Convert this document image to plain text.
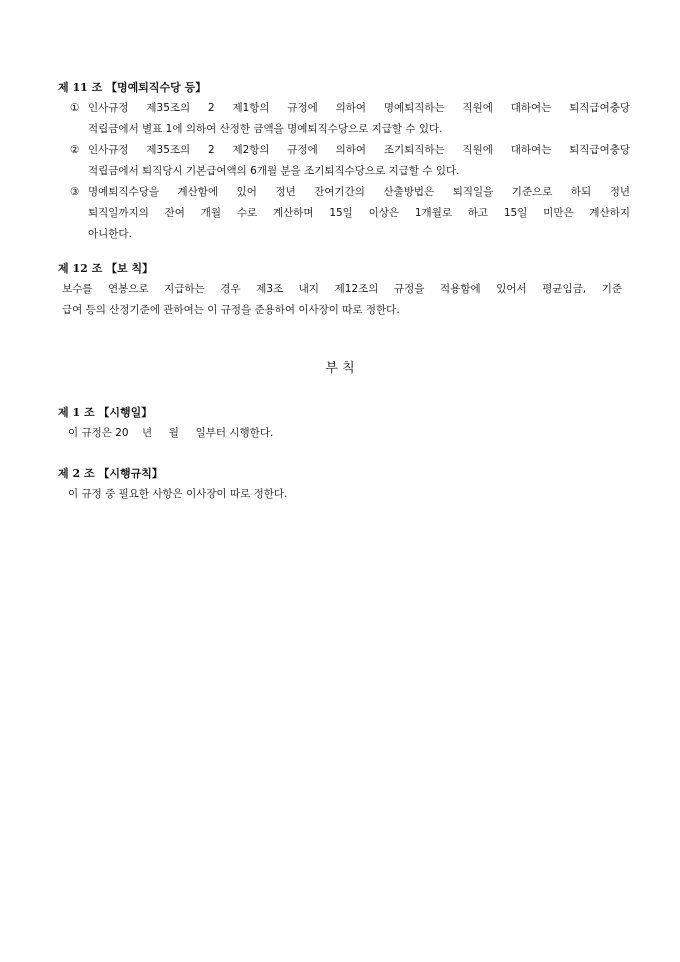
제 11 조 【명예퇴직수당 등】
① 인사규정 제35조의 2 제1항의 규정에 의하여 명예퇴직하는 직원에 대하여는 퇴직급여충당
적립금에서 별표 1에 의하여 산정한 금액을 명예퇴직수당으로 지급할 수 있다.
② 인사규정 제35조의 2 제2항의 규정에 의하여 조기퇴직하는 직원에 대하여는 퇴직급여충당
적립금에서 퇴직당시 기본급여액의 6개월 분을 조기퇴직수당으로 지급할 수 있다.
③ 명예퇴직수당을 계산함에 있어 정년 잔여기간의 산출방법은 퇴직일을 기준으로 하되 정년
퇴직일까지의 잔여 개월 수로 계산하며 15일 이상은 1개월로 하고 15일 미만은 계산하지
아니한다.
제 12 조 【보 칙】
보수를 연봉으로 지급하는 경우 제3조 내지 제12조의 규정을 적용함에 있어서 평균임금, 기준
급여 등의 산정기준에 관하여는 이 규정을 준용하여 이사장이 따로 정한다.
부 칙
제 1 조 【시행일】
이 규정은 20    년     월     일부터 시행한다.
제 2 조 【시행규칙】
이 규정 중 필요한 사항은 이사장이 따로 정한다.
